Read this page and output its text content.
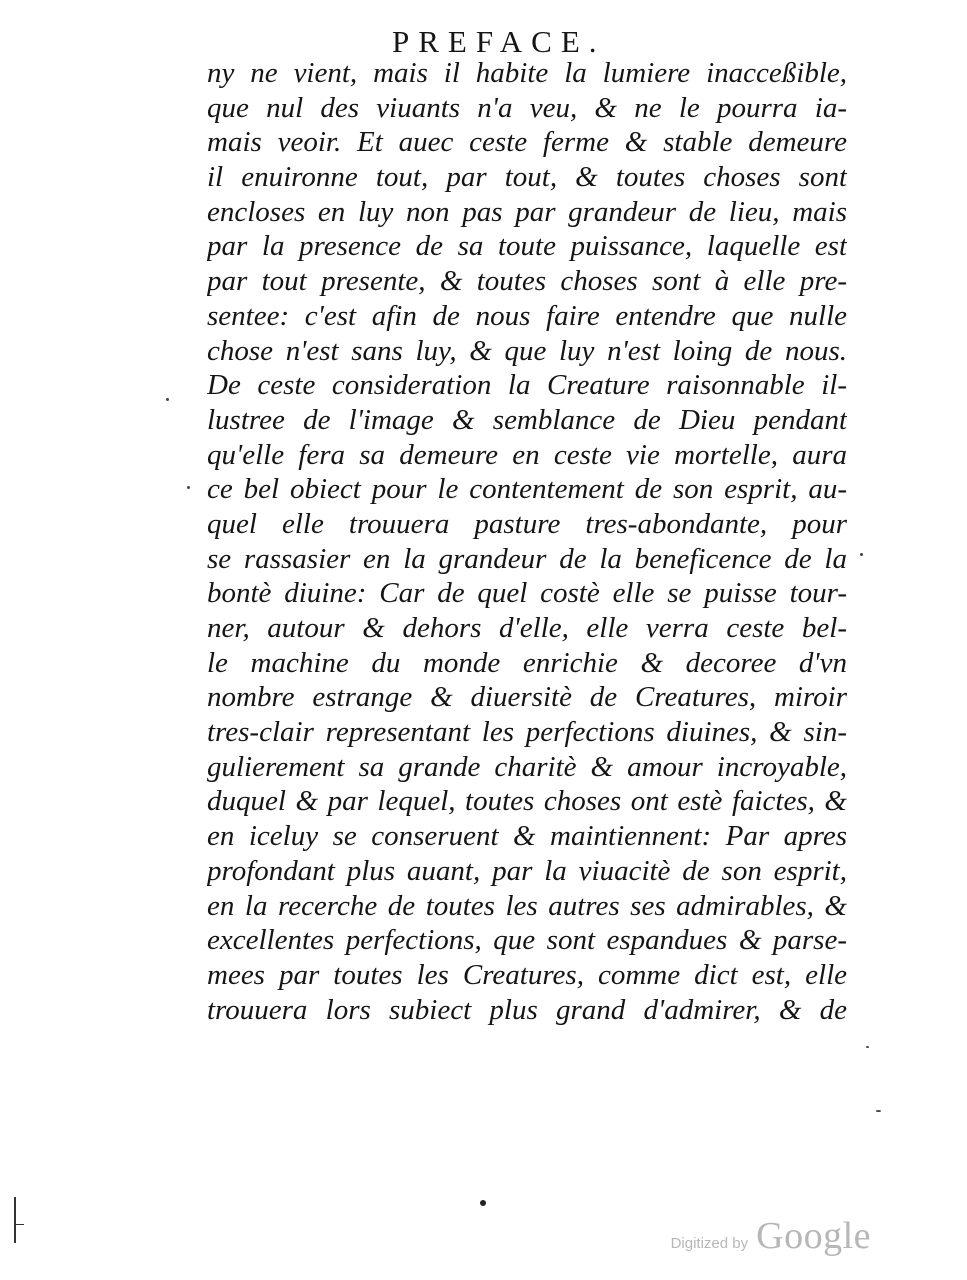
PREFACE.
ny ne vient, mais il habite la lumiere inacceßible,
que nul des viuants n'a veu, & ne le pourra ia-
mais veoir. Et auec ceste ferme & stable demeure
il enuironne tout, par tout, & toutes choses sont
encloses en luy non pas par grandeur de lieu, mais
par la presence de sa toute puissance, laquelle est
par tout presente, & toutes choses sont à elle pre-
sentee: c'est afin de nous faire entendre que nulle
chose n'est sans luy, & que luy n'est loing de nous.
De ceste consideration la Creature raisonnable il-
lustree de l'image & semblance de Dieu pendant
qu'elle fera sa demeure en ceste vie mortelle, aura
ce bel obiect pour le contentement de son esprit, au-
quel elle trouuera pasture tres-abondante, pour
se rassasier en la grandeur de la beneficence de la
bontè diuine: Car de quel costè elle se puisse tour-
ner, autour & dehors d'elle, elle verra ceste bel-
le machine du monde enrichie & decoree d'vn
nombre estrange & diuersitè de Creatures, miroir
tres-clair representant les perfections diuines, & sin-
gulierement sa grande charitè & amour incroyable,
duquel & par lequel, toutes choses ont estè faictes, &
en iceluy se conseruent & maintiennent: Par apres
profondant plus auant, par la viuacitè de son esprit,
en la recerche de toutes les autres ses admirables, &
excellentes perfections, que sont espandues & parse-
mees par toutes les Creatures, comme dict est, elle
trouuera lors subiect plus grand d'admirer, & de
Digitized by Google
